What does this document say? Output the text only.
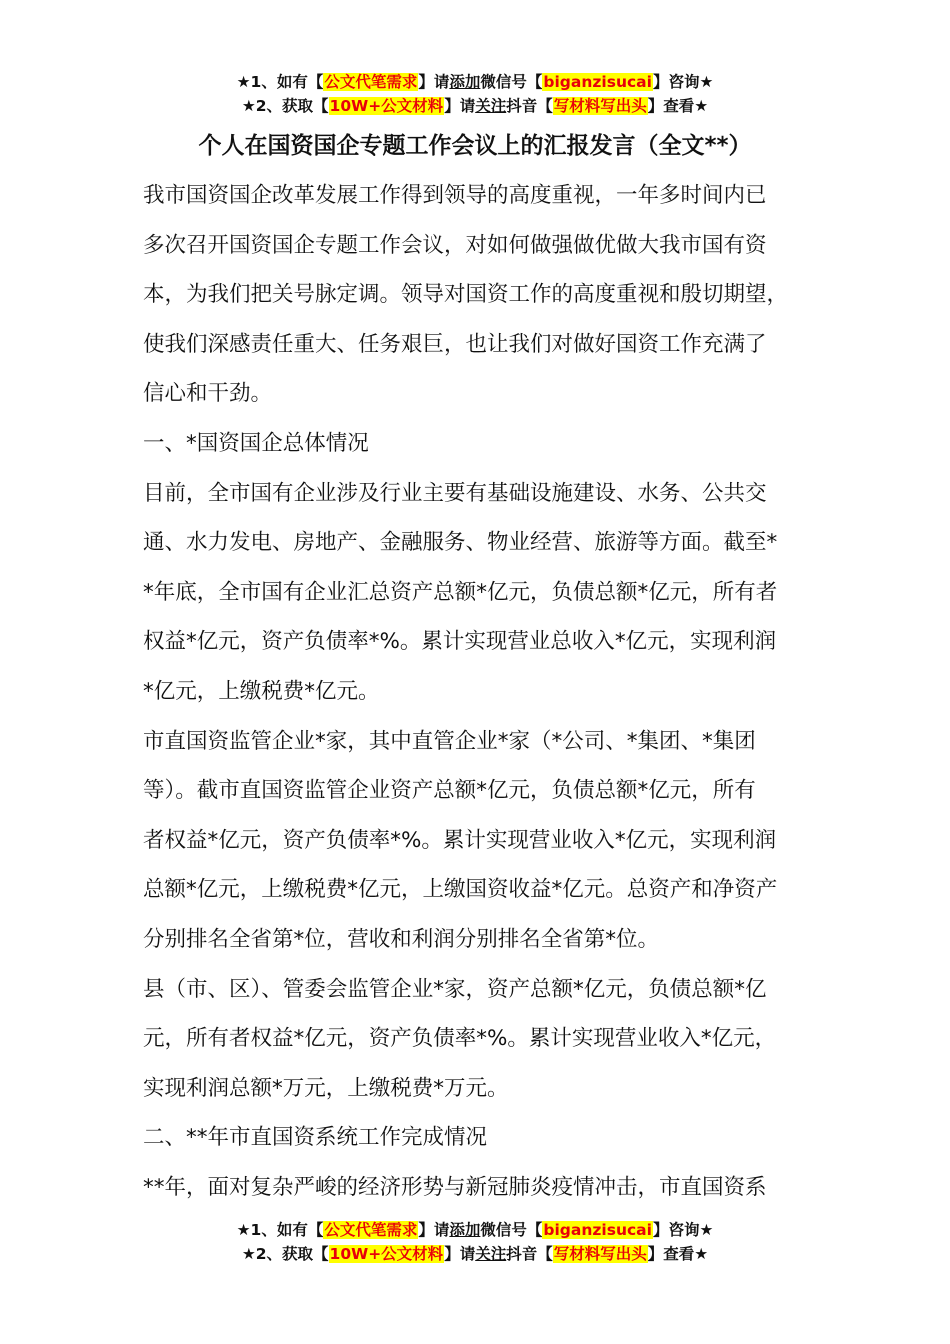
★1、如有【公文代笔需求】请添加微信号【biganzisucai】咨询★
★2、获取【10W+公文材料】请关注抖音【写材料写出头】查看★
个人在国资国企专题工作会议上的汇报发言（全文**）

我市国资国企改革发展工作得到领导的高度重视，一年多时间内已

多次召开国资国企专题工作会议，对如何做强做优做大我市国有资

本，为我们把关号脉定调。领导对国资工作的高度重视和殷切期望，

使我们深感责任重大、任务艰巨，也让我们对做好国资工作充满了

信心和干劲。

一、*国资国企总体情况

目前，全市国有企业涉及行业主要有基础设施建设、水务、公共交

通、水力发电、房地产、金融服务、物业经营、旅游等方面。截至*

*年底，全市国有企业汇总资产总额*亿元，负债总额*亿元，所有者

权益*亿元，资产负债率*%。累计实现营业总收入*亿元，实现利润

*亿元，上缴税费*亿元。

市直国资监管企业*家，其中直管企业*家（*公司、*集团、*集团

等）。截市直国资监管企业资产总额*亿元，负债总额*亿元，所有

者权益*亿元，资产负债率*%。累计实现营业收入*亿元，实现利润

总额*亿元，上缴税费*亿元，上缴国资收益*亿元。总资产和净资产

分别排名全省第*位，营收和利润分别排名全省第*位。

县（市、区）、管委会监管企业*家，资产总额*亿元，负债总额*亿

元，所有者权益*亿元，资产负债率*%。累计实现营业收入*亿元，

实现利润总额*万元，上缴税费*万元。

二、**年市直国资系统工作完成情况

**年，面对复杂严峻的经济形势与新冠肺炎疫情冲击，市直国资系

★1、如有【公文代笔需求】请添加微信号【biganzisucai】咨询★
★2、获取【10W+公文材料】请关注抖音【写材料写出头】查看★
